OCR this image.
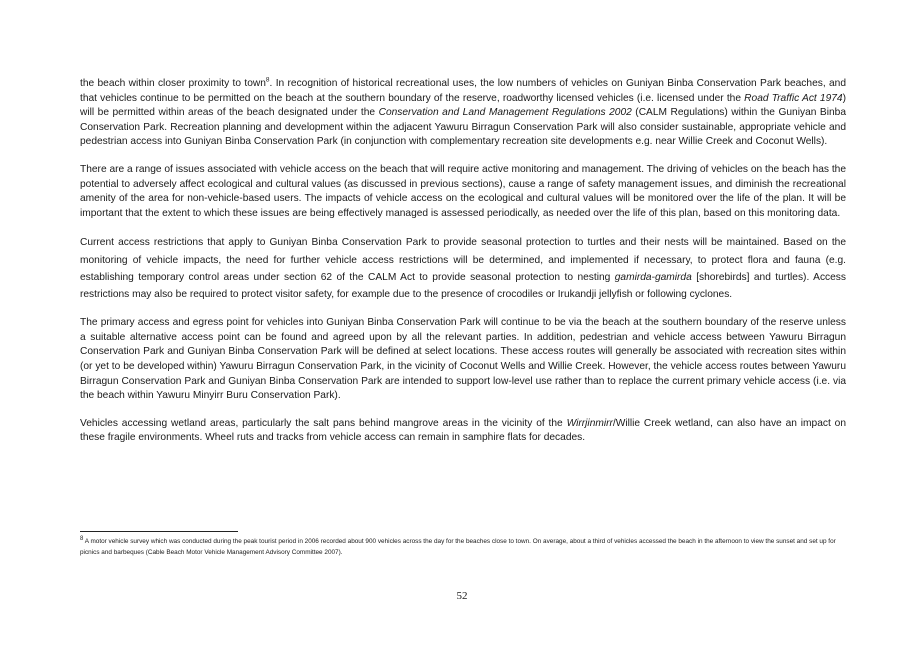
the beach within closer proximity to town$^8$. In recognition of historical recreational uses, the low numbers of vehicles on Guniyan Binba Conservation Park beaches, and that vehicles continue to be permitted on the beach at the southern boundary of the reserve, roadworthy licensed vehicles (i.e. licensed under the Road Traffic Act 1974) will be permitted within areas of the beach designated under the Conservation and Land Management Regulations 2002 (CALM Regulations) within the Guniyan Binba Conservation Park. Recreation planning and development within the adjacent Yawuru Birragun Conservation Park will also consider sustainable, appropriate vehicle and pedestrian access into Guniyan Binba Conservation Park (in conjunction with complementary recreation site developments e.g. near Willie Creek and Coconut Wells).

There are a range of issues associated with vehicle access on the beach that will require active monitoring and management. The driving of vehicles on the beach has the potential to adversely affect ecological and cultural values (as discussed in previous sections), cause a range of safety management issues, and diminish the recreational amenity of the area for non-vehicle-based users. The impacts of vehicle access on the ecological and cultural values will be monitored over the life of the plan. It will be important that the extent to which these issues are being effectively managed is assessed periodically, as needed over the life of this plan, based on this monitoring data.

Current access restrictions that apply to Guniyan Binba Conservation Park to provide seasonal protection to turtles and their nests will be maintained. Based on the monitoring of vehicle impacts, the need for further vehicle access restrictions will be determined, and implemented if necessary, to protect flora and fauna (e.g. establishing temporary control areas under section 62 of the CALM Act to provide seasonal protection to nesting gamirda-gamirda [shorebirds] and turtles). Access restrictions may also be required to protect visitor safety, for example due to the presence of crocodiles or Irukandji jellyfish or following cyclones.

The primary access and egress point for vehicles into Guniyan Binba Conservation Park will continue to be via the beach at the southern boundary of the reserve unless a suitable alternative access point can be found and agreed upon by all the relevant parties. In addition, pedestrian and vehicle access between Yawuru Birragun Conservation Park and Guniyan Binba Conservation Park will be defined at select locations. These access routes will generally be associated with recreation sites within (or yet to be developed within) Yawuru Birragun Conservation Park, in the vicinity of Coconut Wells and Willie Creek. However, the vehicle access routes between Yawuru Birragun Conservation Park and Guniyan Binba Conservation Park are intended to support low-level use rather than to replace the current primary vehicle access (i.e. via the beach within Yawuru Minyirr Buru Conservation Park).

Vehicles accessing wetland areas, particularly the salt pans behind mangrove areas in the vicinity of the Wirrjinmirr/Willie Creek wetland, can also have an impact on these fragile environments. Wheel ruts and tracks from vehicle access can remain in samphire flats for decades.

$^8$ A motor vehicle survey which was conducted during the peak tourist period in 2006 recorded about 900 vehicles across the day for the beaches close to town. On average, about a third of vehicles accessed the beach in the afternoon to view the sunset and set up for picnics and barbeques (Cable Beach Motor Vehicle Management Advisory Committee 2007).
52
